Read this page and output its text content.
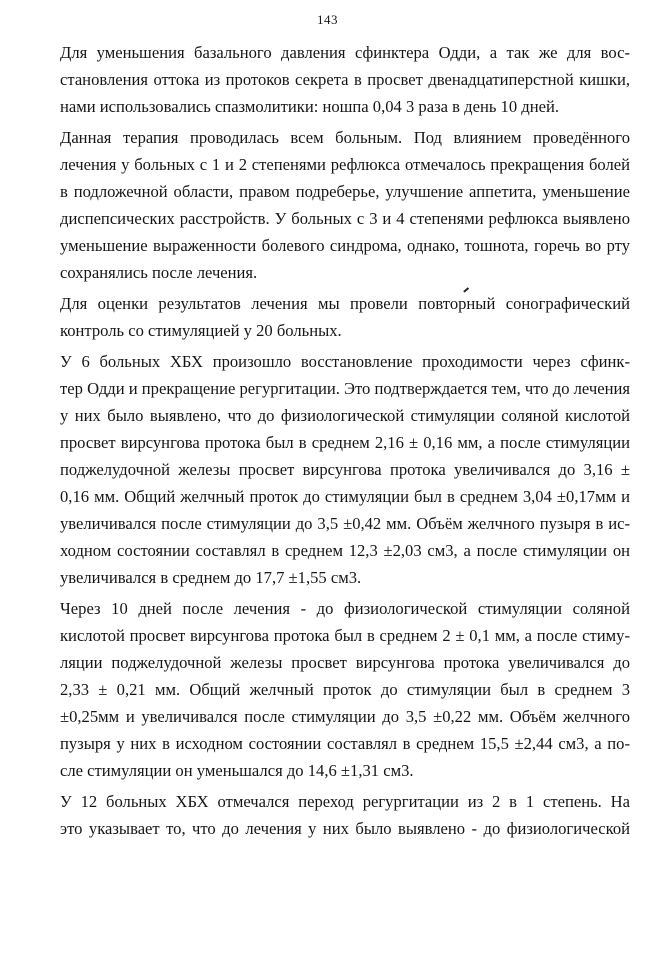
143

Для уменьшения базального давления сфинктера Одди, а так же для вос-
становления оттока из протоков секрета в просвет двенадцатиперстной кишки,
нами использовались спазмолитики: ношпа 0,04 3 раза в день 10 дней.

Данная терапия проводилась всем больным. Под влиянием проведённого
лечения у больных с 1 и 2 степенями рефлюкса отмечалось прекращения болей
в подложечной области, правом подреберье, улучшение аппетита, уменьшение
диспепсических расстройств. У больных с 3 и 4 степенями рефлюкса выявлено
уменьшение выраженности болевого синдрома, однако, тошнота, горечь во рту
сохранялись после лечения.

Для оценки результатов лечения мы провели повторный сонографический
контроль со стимуляцией у 20 больных.

У 6 больных ХБХ произошло восстановление проходимости через сфинк-
тер Одди и прекращение регургитации. Это подтверждается тем, что до лечения
у них было выявлено, что до физиологической стимуляции соляной кислотой
просвет вирсунгова протока был в среднем 2,16 ± 0,16 мм, а после стимуляции
поджелудочной железы просвет вирсунгова протока увеличивался до 3,16 ±
0,16 мм. Общий желчный проток до стимуляции был в среднем 3,04 ±0,17мм и
увеличивался после стимуляции до 3,5 ±0,42 мм. Объём желчного пузыря в ис-
ходном состоянии составлял в среднем 12,3 ±2,03 см3, а после стимуляции он
увеличивался в среднем до 17,7 ±1,55 см3.

Через 10 дней после лечения - до физиологической стимуляции соляной
кислотой просвет вирсунгова протока был в среднем 2 ± 0,1 мм, а после стиму-
ляции поджелудочной железы просвет вирсунгова протока увеличивался до
2,33 ± 0,21 мм. Общий желчный проток до стимуляции был в среднем 3
±0,25мм и увеличивался после стимуляции до 3,5 ±0,22 мм. Объём желчного
пузыря у них в исходном состоянии составлял в среднем 15,5 ±2,44 см3, а по-
сле стимуляции он уменьшался до 14,6 ±1,31 см3.

У 12 больных ХБХ отмечался переход регургитации из 2 в 1 степень. На
это указывает то, что до лечения у них было выявлено - до физиологической
